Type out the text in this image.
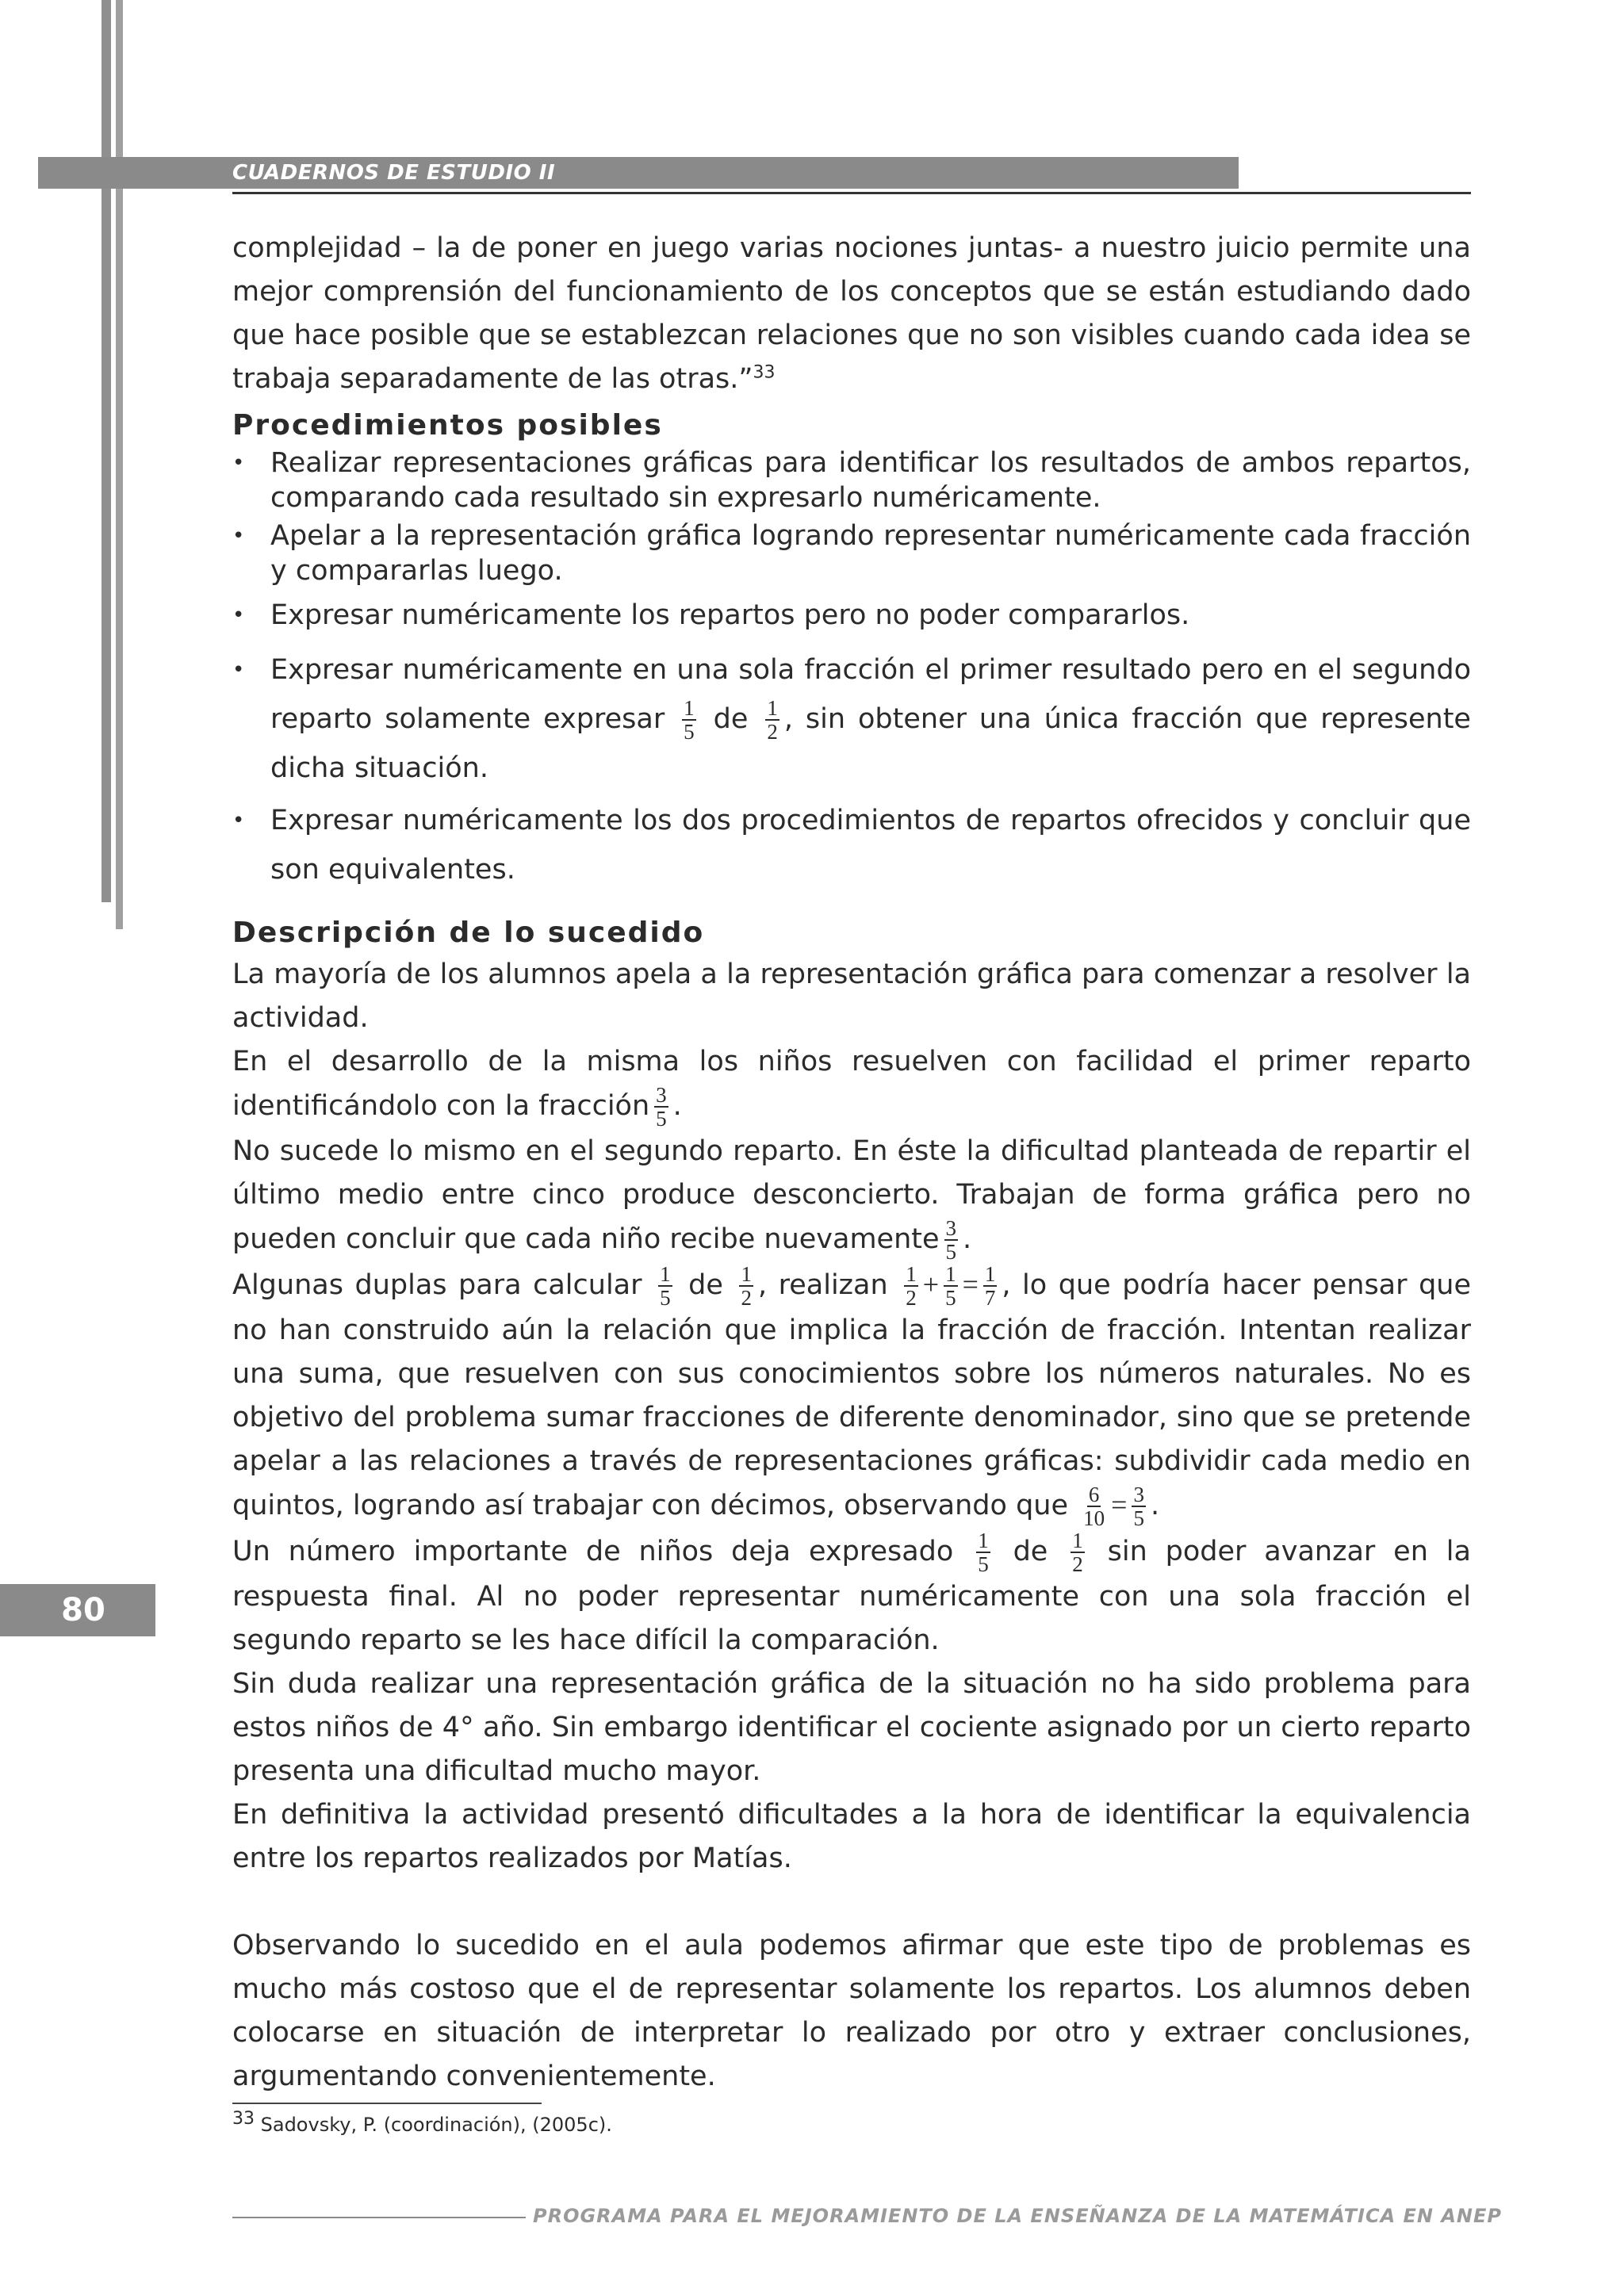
CUADERNOS DE ESTUDIO II

complejidad – la de poner en juego varias nociones juntas- a nuestro juicio permite una mejor comprensión del funcionamiento de los conceptos que se están estudiando dado que hace posible que se establezcan relaciones que no son visibles cuando cada idea se trabaja separadamente de las otras.”$^{33}$

Procedimientos posibles
• Realizar representaciones gráficas para identificar los resultados de ambos repartos, comparando cada resultado sin expresarlo numéricamente.
• Apelar a la representación gráfica logrando representar numéricamente cada fracción y compararlas luego.
• Expresar numéricamente los repartos pero no poder compararlos.
• Expresar numéricamente en una sola fracción el primer resultado pero en el segundo reparto solamente expresar $\frac{1}{5}$ de $\frac{1}{2}$ , sin obtener una única fracción que represente dicha situación.
• Expresar numéricamente los dos procedimientos de repartos ofrecidos y concluir que son equivalentes.
Descripción de lo sucedido

La mayoría de los alumnos apela a la representación gráfica para comenzar a resolver la actividad.

En el desarrollo de la misma los niños resuelven con facilidad el primer reparto identificándolo con la fracción $\frac{3}{5}$ .

No sucede lo mismo en el segundo reparto. En éste la dificultad planteada de repartir el último medio entre cinco produce desconcierto. Trabajan de forma gráfica pero no pueden concluir que cada niño recibe nuevamente $\frac{3}{5}$ .

Algunas duplas para calcular $\frac{1}{5}$ de $\frac{1}{2}$ , realizan $\frac{1}{2} + \frac{1}{5} = \frac{1}{7}$ , lo que podría hacer pensar que no han construido aún la relación que implica la fracción de fracción. Intentan realizar una suma, que resuelven con sus conocimientos sobre los números naturales. No es objetivo del problema sumar fracciones de diferente denominador, sino que se pretende apelar a las relaciones a través de representaciones gráficas: subdividir cada medio en quintos, logrando así trabajar con décimos, observando que $\frac{6}{10} = \frac{3}{5}$ .

Un número importante de niños deja expresado $\frac{1}{5}$ de $\frac{1}{2}$ sin poder avanzar en la respuesta final. Al no poder representar numéricamente con una sola fracción el segundo reparto se les hace difícil la comparación.

Sin duda realizar una representación gráfica de la situación no ha sido problema para estos niños de 4° año. Sin embargo identificar el cociente asignado por un cierto reparto presenta una dificultad mucho mayor.

En definitiva la actividad presentó dificultades a la hora de identificar la equivalencia entre los repartos realizados por Matías.

Observando lo sucedido en el aula podemos afirmar que este tipo de problemas es mucho más costoso que el de representar solamente los repartos. Los alumnos deben colocarse en situación de interpretar lo realizado por otro y extraer conclusiones, argumentando convenientemente.

80
$^{33}$ Sadovsky, P. (coordinación), (2005c).
PROGRAMA PARA EL MEJORAMIENTO DE LA ENSEÑANZA DE LA MATEMÁTICA EN ANEP
